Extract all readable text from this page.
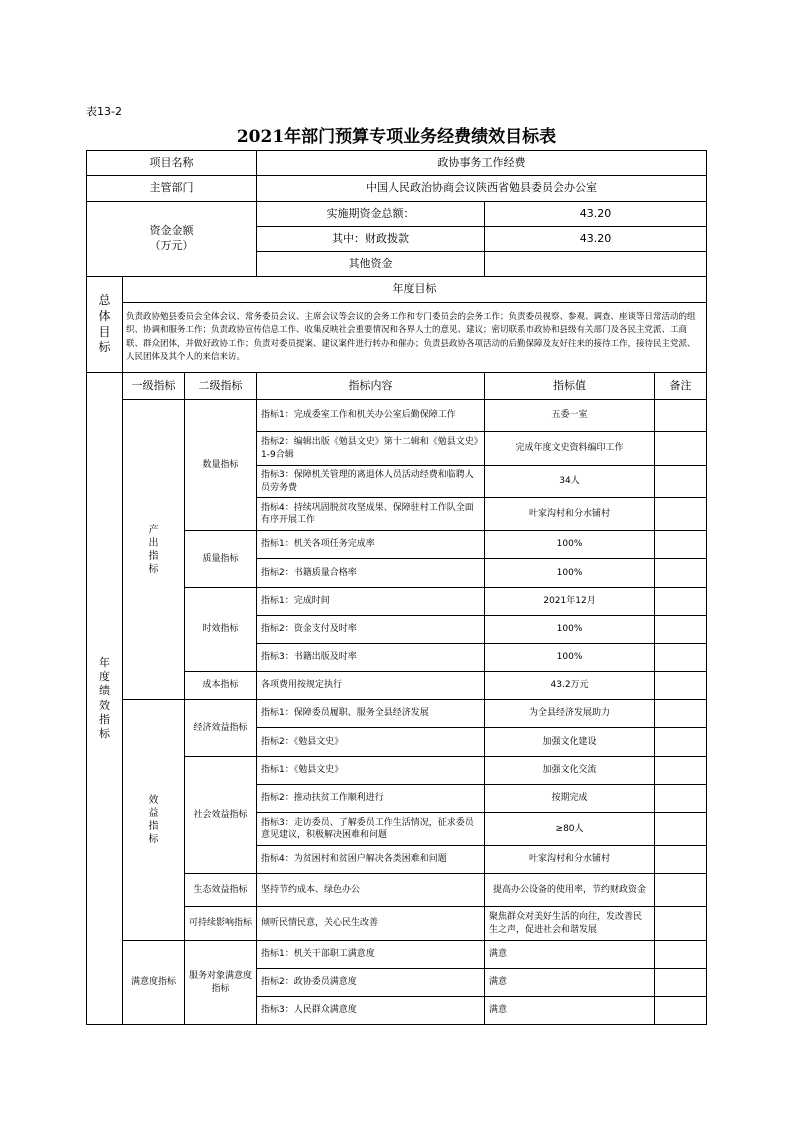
表13-2
2021年部门预算专项业务经费绩效目标表
项目名称			政协事务工作经费		
主管部门			中国人民政治协商会议陕西省勉县委员会办公室		
资金金额
（万元）			实施期资金总额：	43.20	
			其中：财政拨款	43.20	
			其他资金		

总体目标	年度目标				
	负责政协勉县委员会全体会议、常务委员会议、主席会议等会议的会务工作和专门委员会的会务工作；负责委员视察、参观、调查、座谈等日常活动的组织、协调和服务工作；负责政协宣传信息工作、收集反映社会重要情况和各界人士的意见、建议；密切联系市政协和县级有关部门及各民主党派、工商联、群众团体，并做好政协工作；负责对委员提案、建议案件进行转办和催办；负责县政协各项活动的后勤保障及友好往来的接待工作，接待民主党派、人民团体及其个人的来信来访。				

年度绩效指标	一级指标	二级指标	指标内容	指标值	备注

	产出指标	数量指标	指标1：完成委室工作和机关办公室后勤保障工作	五委一室	
			指标2：编辑出版《勉县文史》第十二辑和《勉县文史》1-9合辑	完成年度文史资料编印工作	
			指标3：保障机关管理的离退休人员活动经费和临聘人员劳务费	34人	
			指标4：持续巩固脱贫攻坚成果、保障驻村工作队全面有序开展工作	叶家沟村和分水铺村	
		质量指标	指标1：机关各项任务完成率	100%	
			指标2：书籍质量合格率	100%	
		时效指标	指标1：完成时间	2021年12月	
			指标2：资金支付及时率	100%	
			指标3：书籍出版及时率	100%	
		成本指标	各项费用按规定执行	43.2万元	

	效益指标	经济效益指标	指标1：保障委员履职、服务全县经济发展	为全县经济发展助力	
			指标2：《勉县文史》	加强文化建设	
		社会效益指标	指标1：《勉县文史》	加强文化交流	
			指标2：推动扶贫工作顺利进行	按期完成	
			指标3：走访委员、了解委员工作生活情况，征求委员意见建议，积极解决困难和问题	≥80人	
			指标4：为贫困村和贫困户解决各类困难和问题	叶家沟村和分水铺村	
		生态效益指标	坚持节约成本、绿色办公	提高办公设备的使用率，节约财政资金	
		可持续影响指标	倾听民情民意，关心民生改善	聚焦群众对美好生活的向往，发改善民生之声，促进社会和谐发展	
	满意度指标	服务对象满意度指标	指标1：机关干部职工满意度	满意	
			指标2：政协委员满意度	满意	
			指标3：人民群众满意度	满意	
